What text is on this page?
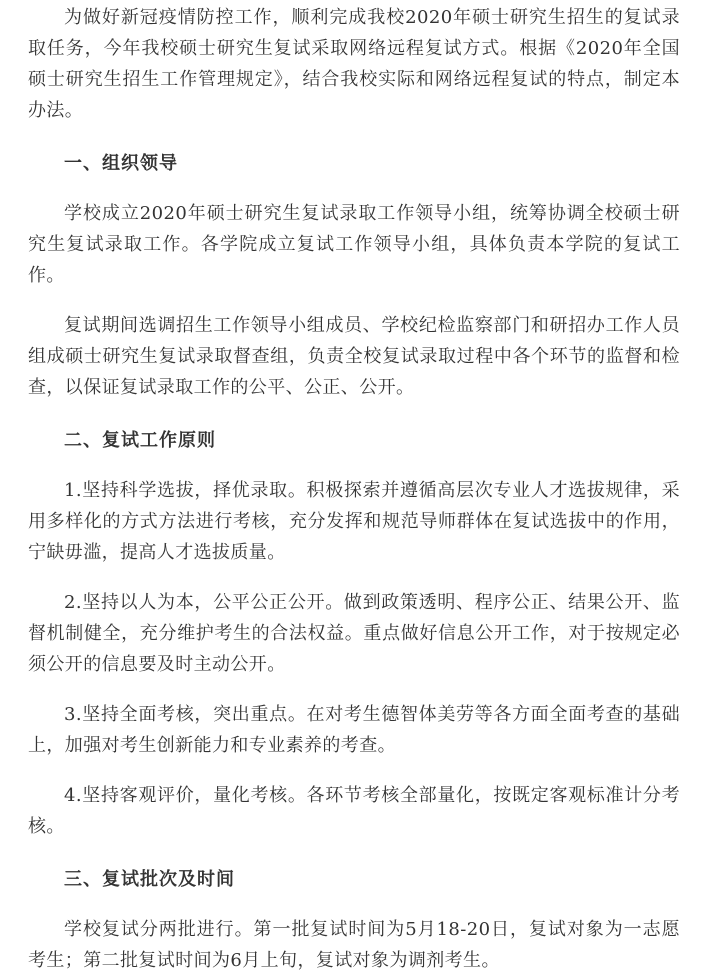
为做好新冠疫情防控工作，顺利完成我校2020年硕士研究生招生的复试录取任务，今年我校硕士研究生复试采取网络远程复试方式。根据《2020年全国硕士研究生招生工作管理规定》，结合我校实际和网络远程复试的特点，制定本办法。

一、组织领导

学校成立2020年硕士研究生复试录取工作领导小组，统筹协调全校硕士研究生复试录取工作。各学院成立复试工作领导小组，具体负责本学院的复试工作。

复试期间选调招生工作领导小组成员、学校纪检监察部门和研招办工作人员组成硕士研究生复试录取督查组，负责全校复试录取过程中各个环节的监督和检查，以保证复试录取工作的公平、公正、公开。

二、复试工作原则

1.坚持科学选拔，择优录取。积极探索并遵循高层次专业人才选拔规律，采用多样化的方式方法进行考核，充分发挥和规范导师群体在复试选拔中的作用，宁缺毋滥，提高人才选拔质量。

2.坚持以人为本，公平公正公开。做到政策透明、程序公正、结果公开、监督机制健全，充分维护考生的合法权益。重点做好信息公开工作，对于按规定必须公开的信息要及时主动公开。

3.坚持全面考核，突出重点。在对考生德智体美劳等各方面全面考查的基础上，加强对考生创新能力和专业素养的考查。

4.坚持客观评价，量化考核。各环节考核全部量化，按既定客观标准计分考核。

三、复试批次及时间

学校复试分两批进行。第一批复试时间为5月18-20日，复试对象为一志愿考生；第二批复试时间为6月上旬，复试对象为调剂考生。
